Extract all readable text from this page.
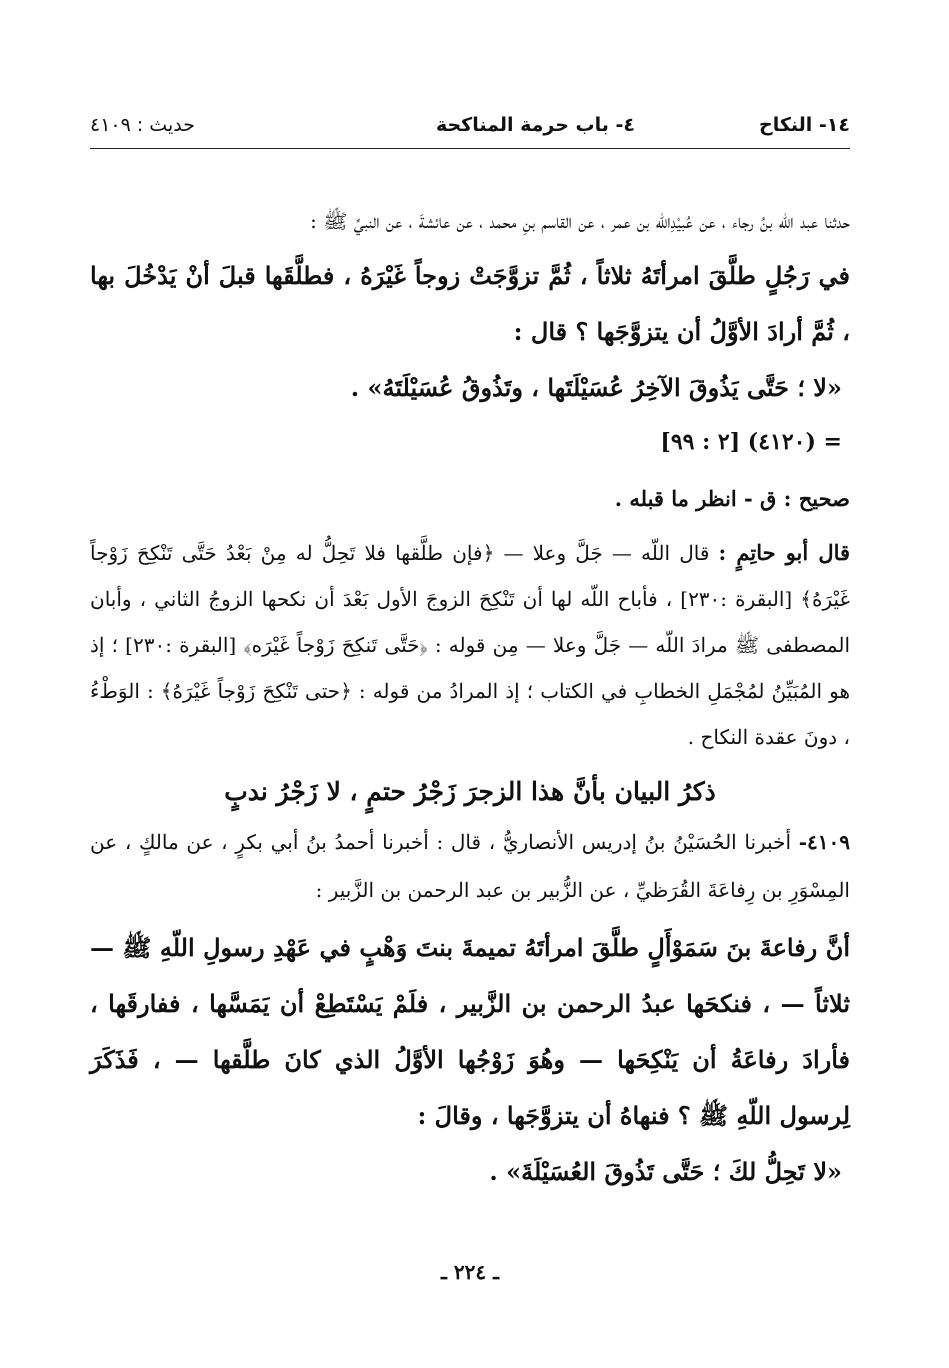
١٤- النكاح
٤- باب حرمة المناكحة
حديث : ٤١٠٩

حدثنا عبد اللّه بنُ رجاء ، عن عُبيْدِاللّه بن عمر ، عن القاسم بنِ محمد ، عن عائشةَ ، عن النبيِّ ﷺ :

في رَجُلٍ طلَّقَ امرأتَهُ ثلاثاً ، ثُمَّ تزوَّجَتْ زوجاً غَيْرَهُ ، فطلَّقَها قبلَ أنْ يَدْخُلَ بها ، ثُمَّ أرادَ الأوَّلُ أن يتزوَّجَها ؟ قال :

«لا ؛ حَتَّى يَذُوقَ الآخِرُ عُسَيْلَتَها ، وتَذُوقُ عُسَيْلَتَهُ» .

= (٤١٢٠) [٢ : ٩٩]

صحيح : ق - انظر ما قبله .

قال أبو حاتِمٍ : قال اللّه — جَلَّ وعلا — ﴿فإن طلَّقها فلا تَحِلُّ له مِنْ بَعْدُ حَتَّى تَنْكِحَ زَوْجاً غَيْرَهُ﴾ [البقرة :٢٣٠] ، فأباح اللّه لها أن تَنْكِحَ الزوجَ الأول بَعْدَ أن نكحها الزوجُ الثاني ، وأبان المصطفى ﷺ مرادَ اللّه — جَلَّ وعلا — مِن قوله : ﴿حَتَّى تَنكِحَ زَوْجاً غَيْرَه﴾ [البقرة :٢٣٠] ؛ إذ هو المُبَيِّنُ لمُجْمَلِ الخطابِ في الكتاب ؛ إذ المرادُ من قوله : ﴿حتى تَنْكِحَ زَوْجاً غَيْرَهُ﴾ : الوَطْءُ ، دونَ عقدة النكاح .

ذكرُ البيان بأنَّ هذا الزجرَ زَجْرُ حتمٍ ، لا زَجْرُ ندبٍ

٤١٠٩- أخبرنا الحُسَيْنُ بنُ إدريس الأنصاريُّ ، قال : أخبرنا أحمدُ بنُ أبي بكرٍ ، عن مالكٍ ، عن المِسْوَرِ بن رِفاعَةَ القُرَظيِّ ، عن الزُّبير بن عبد الرحمن بن الزَّبير :

أنَّ رفاعةَ بنَ سَمَوْأَلٍ طلَّقَ امرأتَهُ تميمةَ بنتَ وَهْبٍ في عَهْدِ رسولِ اللّهِ ﷺ — ثلاثاً — ، فنكحَها عبدُ الرحمن بن الزَّبير ، فلَمْ يَسْتَطِعْ أن يَمَسَّها ، ففارقَها ، فأرادَ رفاعَةُ أن يَنْكِحَها — وهُوَ زَوْجُها الأوَّلُ الذي كانَ طلَّقها — ، فَذَكَرَ لِرسول اللّهِ ﷺ ؟ فنهاهُ أن يتزوَّجَها ، وقالَ :

«لا تَحِلُّ لكَ ؛ حَتَّى تَذُوقَ العُسَيْلَةَ» .

ـ ٢٢٤ ـ
